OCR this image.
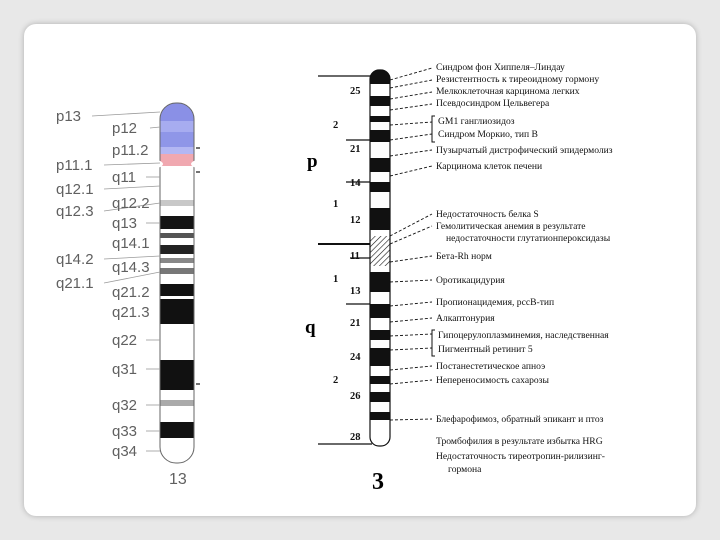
p13
p11.1
q12.1
q12.3
q14.2
q21.1
p12
p11.2
q11
q12.2
q13
q14.1
q14.3
q21.2
q21.3
q22
q31
q32
q33
q34
13
p
q
2
1
1
2
25
21
14
12
11
13
21
24
26
28
3
Синдром фон Хиппеля–Линдау
Резистентность к тиреоидному гормону
Мелкоклеточная карцинома легких
Псевдосиндром Цельвегера
GM1 ганглиозидоз
Синдром Моркио, тип В
Пузырчатый дистрофический эпидермолиз
Карцинома клеток печени
Недостаточность белка S
Гемолитическая анемия в результате
недостаточности глутатионпероксидазы
Бета-Rh норм
Оротикацидурия
Пропионацидемия, pccB-тип
Алкаптонурия
Гипоцерулоплазминемия, наследственная
Пигментный ретинит 5
Постанестетическое апноэ
Непереносимость сахарозы
Блефарофимоз, обратный эпикант и птоз
Тромбофилия в результате избытка HRG
Недостаточность тиреотропин-рилизинг-
гормона
